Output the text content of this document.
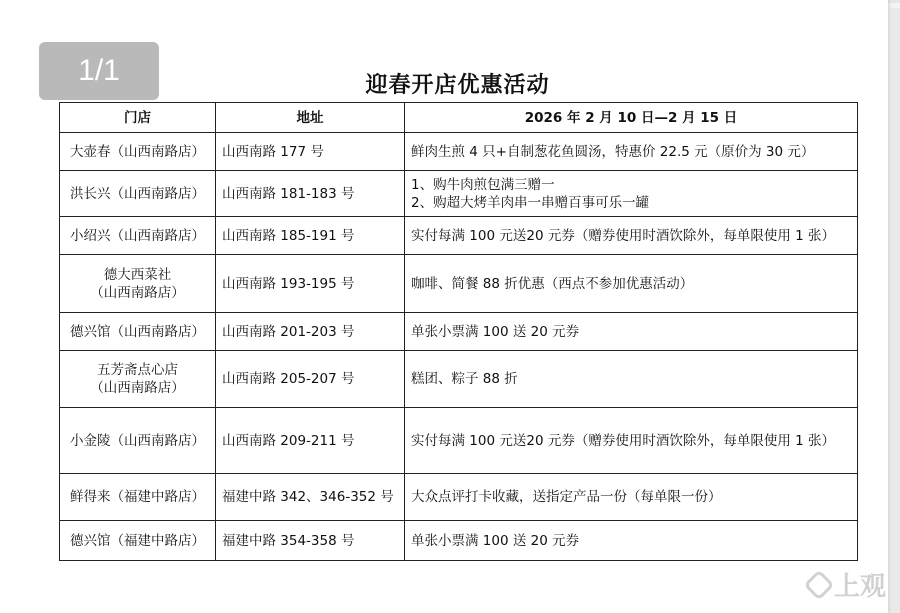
1/1	迎春开店优惠活动
门店	地址	2026 年 2 月 10 日—2 月 15 日
大壶春（山西南路店）	山西南路 177 号	鲜肉生煎 4 只+自制葱花鱼圆汤，特惠价 22.5 元（原价为 30 元）
洪长兴（山西南路店）	山西南路 181-183 号	1、购牛肉煎包满三赠一
2、购超大烤羊肉串一串赠百事可乐一罐

小绍兴（山西南路店）	山西南路 185-191 号	实付每满 100 元送20 元券（赠券使用时酒饮除外，每单限使用 1 张）

德大西菜社
（山西南路店）	山西南路 193-195 号	咖啡、简餐 88 折优惠（西点不参加优惠活动）
德兴馆（山西南路店）	山西南路 201-203 号	单张小票满 100 送 20 元券

五芳斋点心店
（山西南路店）	山西南路 205-207 号	糕团、粽子 88 折
小金陵（山西南路店）	山西南路 209-211 号	实付每满 100 元送20 元券（赠券使用时酒饮除外，每单限使用 1 张）
鲜得来（福建中路店）	福建中路 342、346-352 号	大众点评打卡收藏，送指定产品一份（每单限一份）
德兴馆（福建中路店）	福建中路 354-358 号	单张小票满 100 送 20 元券
上观
